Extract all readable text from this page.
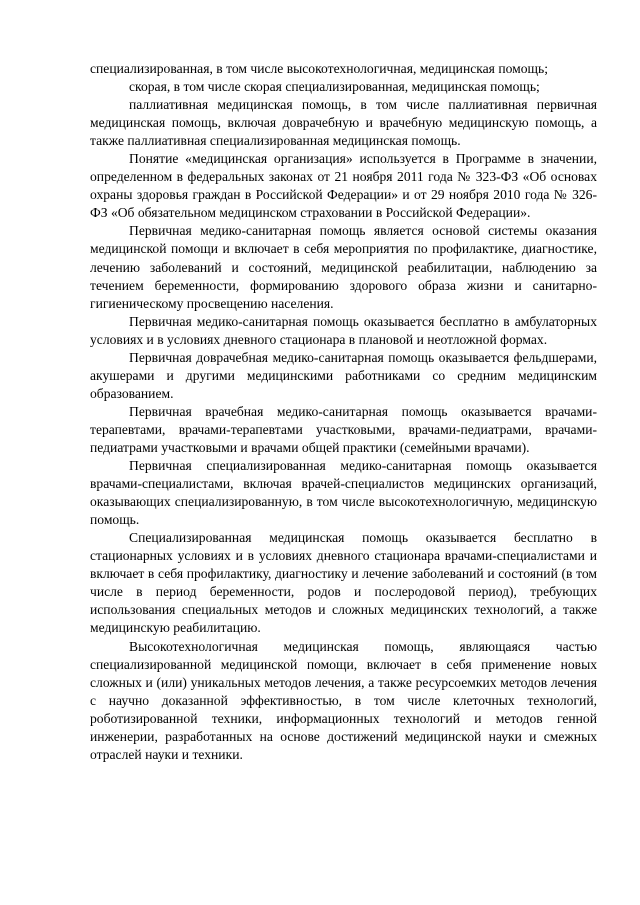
специализированная, в том числе высокотехнологичная, медицинская помощь;

скорая, в том числе скорая специализированная, медицинская помощь;

паллиативная медицинская помощь, в том числе паллиативная первичная медицинская помощь, включая доврачебную и врачебную медицинскую помощь, а также паллиативная специализированная медицинская помощь.

Понятие «медицинская организация» используется в Программе в значении, определенном в федеральных законах от 21 ноября 2011 года № 323-ФЗ «Об основах охраны здоровья граждан в Российской Федерации» и от 29 ноября 2010 года № 326-ФЗ «Об обязательном медицинском страховании в Российской Федерации».

Первичная медико-санитарная помощь является основой системы оказания медицинской помощи и включает в себя мероприятия по профилактике, диагностике, лечению заболеваний и состояний, медицинской реабилитации, наблюдению за течением беременности, формированию здорового образа жизни и санитарно-гигиеническому просвещению населения.

Первичная медико-санитарная помощь оказывается бесплатно в амбулаторных условиях и в условиях дневного стационара в плановой и неотложной формах.

Первичная доврачебная медико-санитарная помощь оказывается фельдшерами, акушерами и другими медицинскими работниками со средним медицинским образованием.

Первичная врачебная медико-санитарная помощь оказывается врачами-терапевтами, врачами-терапевтами участковыми, врачами-педиатрами, врачами-педиатрами участковыми и врачами общей практики (семейными врачами).

Первичная специализированная медико-санитарная помощь оказывается врачами-специалистами, включая врачей-специалистов медицинских организаций, оказывающих специализированную, в том числе высокотехнологичную, медицинскую помощь.

Специализированная медицинская помощь оказывается бесплатно в стационарных условиях и в условиях дневного стационара врачами-специалистами и включает в себя профилактику, диагностику и лечение заболеваний и состояний (в том числе в период беременности, родов и послеродовой период), требующих использования специальных методов и сложных медицинских технологий, а также медицинскую реабилитацию.

Высокотехнологичная медицинская помощь, являющаяся частью специализированной медицинской помощи, включает в себя применение новых сложных и (или) уникальных методов лечения, а также ресурсоемких методов лечения с научно доказанной эффективностью, в том числе клеточных технологий, роботизированной техники, информационных технологий и методов генной инженерии, разработанных на основе достижений медицинской науки и смежных отраслей науки и техники.
